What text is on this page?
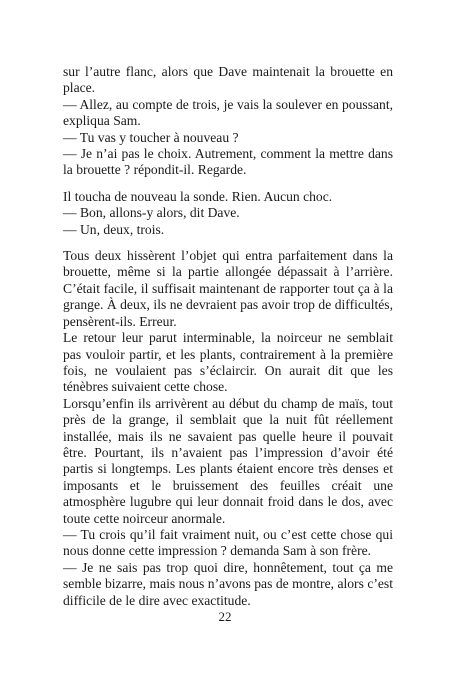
sur l’autre flanc, alors que Dave maintenait la brouette en place.

— Allez, au compte de trois, je vais la soulever en poussant, expliqua Sam.

— Tu vas y toucher à nouveau ?

— Je n’ai pas le choix. Autrement, comment la mettre dans la brouette ? répondit-il. Regarde.

Il toucha de nouveau la sonde. Rien. Aucun choc.

— Bon, allons-y alors, dit Dave.

— Un, deux, trois.

Tous deux hissèrent l’objet qui entra parfaitement dans la brouette, même si la partie allongée dépassait à l’arrière. C’était facile, il suffisait maintenant de rapporter tout ça à la grange. À deux, ils ne devraient pas avoir trop de difficultés, pensèrent-ils. Erreur.

Le retour leur parut interminable, la noirceur ne semblait pas vouloir partir, et les plants, contrairement à la première fois, ne voulaient pas s’éclaircir. On aurait dit que les ténèbres suivaient cette chose.

Lorsqu’enfin ils arrivèrent au début du champ de maïs, tout près de la grange, il semblait que la nuit fût réellement installée, mais ils ne savaient pas quelle heure il pouvait être. Pourtant, ils n’avaient pas l’impression d’avoir été partis si longtemps. Les plants étaient encore très denses et imposants et le bruissement des feuilles créait une atmosphère lugubre qui leur donnait froid dans le dos, avec toute cette noirceur anormale.

— Tu crois qu’il fait vraiment nuit, ou c’est cette chose qui nous donne cette impression ? demanda Sam à son frère.

— Je ne sais pas trop quoi dire, honnêtement, tout ça me semble bizarre, mais nous n’avons pas de montre, alors c’est difficile de le dire avec exactitude.

22
